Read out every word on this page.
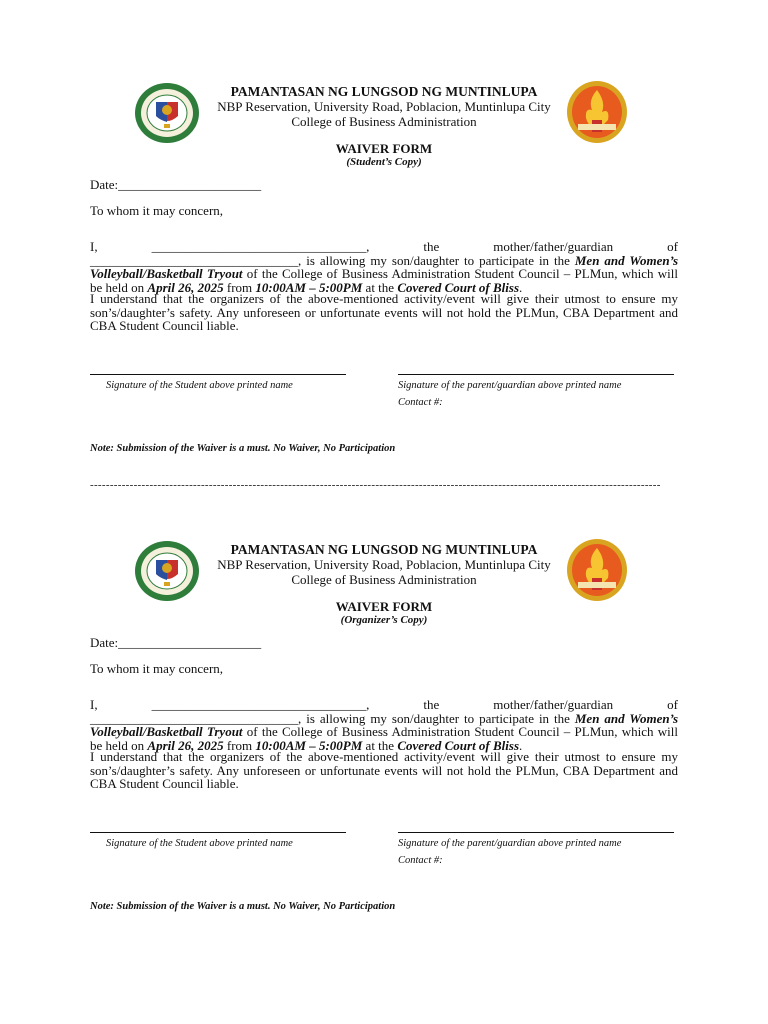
PAMANTASAN NG LUNGSOD NG MUNTINLUPA
NBP Reservation, University Road, Poblacion, Muntinlupa City
College of Business Administration
WAIVER FORM
(Student’s Copy)
Date:______________________
To whom it may concern,
I, _________________________________, the mother/father/guardian of ________________________________, is allowing my son/daughter to participate in the Men and Women’s Volleyball/Basketball Tryout of the College of Business Administration Student Council – PLMun, which will be held on April 26, 2025 from 10:00AM – 5:00PM at the Covered Court of Bliss.
I understand that the organizers of the above-mentioned activity/event will give their utmost to ensure my son’s/daughter’s safety. Any unforeseen or unfortunate events will not hold the PLMun, CBA Department and CBA Student Council liable.
Signature of the Student above printed name	Signature of the parent/guardian above printed name
Contact #:
Note: Submission of the Waiver is a must. No Waiver, No Participation
------------------------------------------------------------------------------------------------------------------------------------------------
PAMANTASAN NG LUNGSOD NG MUNTINLUPA
NBP Reservation, University Road, Poblacion, Muntinlupa City
College of Business Administration
WAIVER FORM
(Organizer’s Copy)
Date:______________________
To whom it may concern,
I, _________________________________, the mother/father/guardian of ________________________________, is allowing my son/daughter to participate in the Men and Women’s Volleyball/Basketball Tryout of the College of Business Administration Student Council – PLMun, which will be held on April 26, 2025 from 10:00AM – 5:00PM at the Covered Court of Bliss.
I understand that the organizers of the above-mentioned activity/event will give their utmost to ensure my son’s/daughter’s safety. Any unforeseen or unfortunate events will not hold the PLMun, CBA Department and CBA Student Council liable.
Signature of the Student above printed name	Signature of the parent/guardian above printed name
Contact #:
Note: Submission of the Waiver is a must. No Waiver, No Participation
